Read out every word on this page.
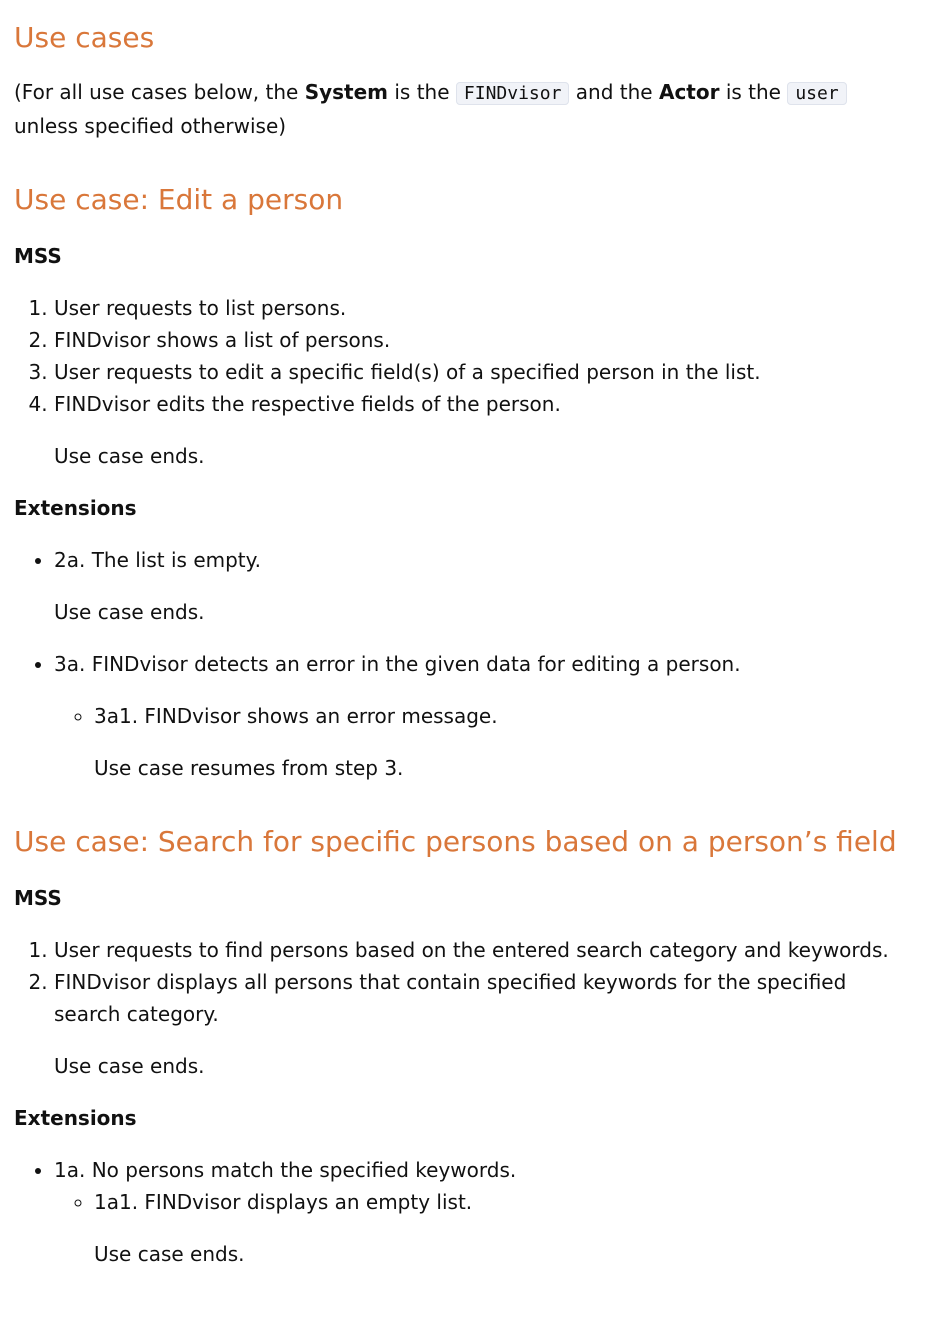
Use cases

(For all use cases below, the System is the FINDvisor and the Actor is the user unless specified otherwise)

Use case: Edit a person

MSS

1. User requests to list persons.
2. FINDvisor shows a list of persons.
3. User requests to edit a specific field(s) of a specified person in the list.
4. FINDvisor edits the respective fields of the person.

Use case ends.

Extensions

• 2a. The list is empty.

Use case ends.

• 3a. FINDvisor detects an error in the given data for editing a person.

◦ 3a1. FINDvisor shows an error message.

Use case resumes from step 3.

Use case: Search for specific persons based on a person’s field

MSS

1. User requests to find persons based on the entered search category and keywords.
2. FINDvisor displays all persons that contain specified keywords for the specified search category.

Use case ends.

Extensions

• 1a. No persons match the specified keywords.

◦ 1a1. FINDvisor displays an empty list.

Use case ends.
